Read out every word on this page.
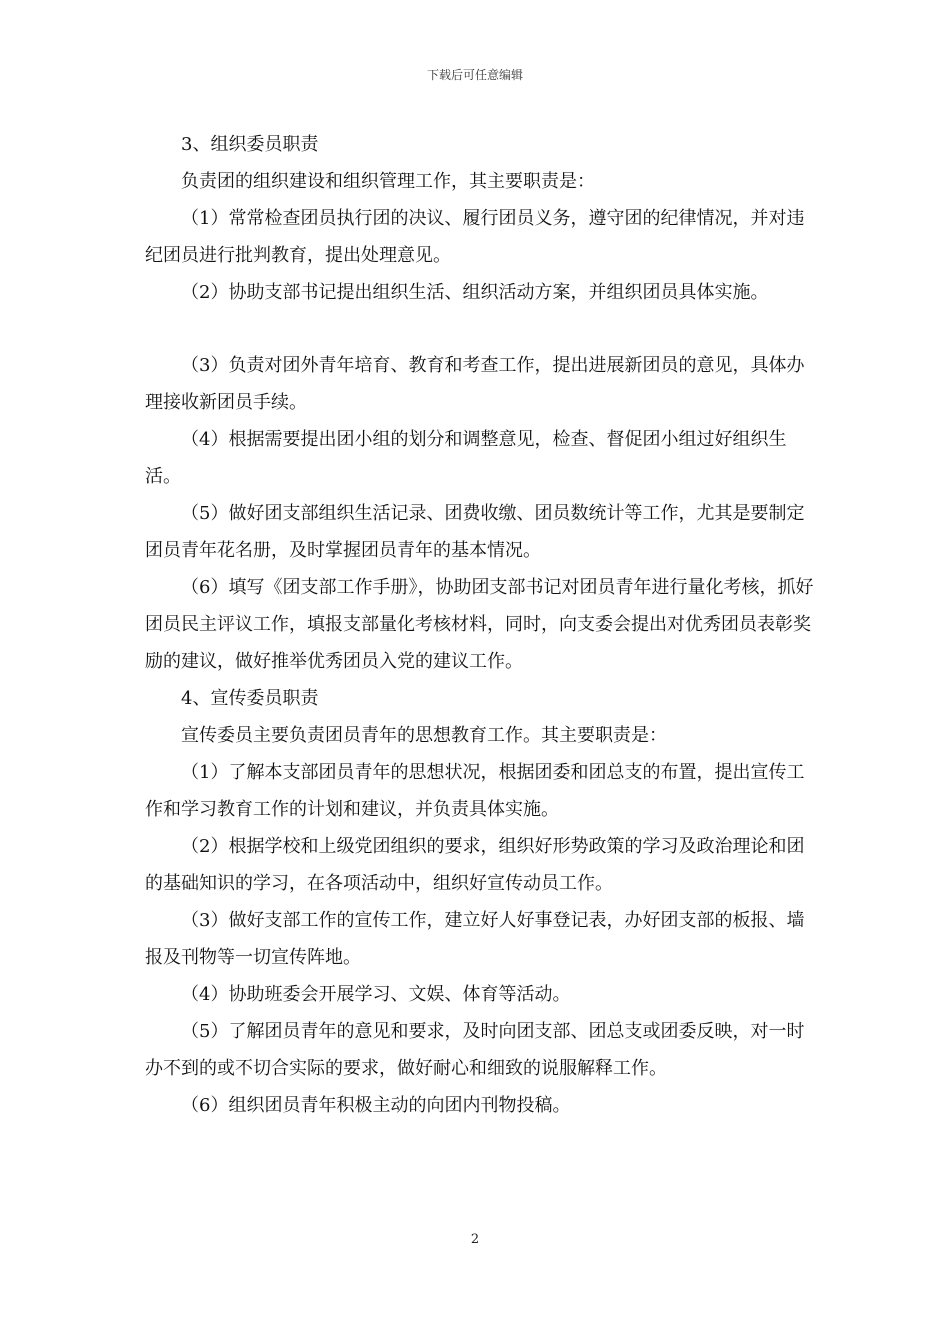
下载后可任意编辑

3、组织委员职责

负责团的组织建设和组织管理工作，其主要职责是：

（1）常常检查团员执行团的决议、履行团员义务，遵守团的纪律情况，并对违纪团员进行批判教育，提出处理意见。

（2）协助支部书记提出组织生活、组织活动方案，并组织团员具体实施。

（3）负责对团外青年培育、教育和考查工作，提出进展新团员的意见，具体办理接收新团员手续。

（4）根据需要提出团小组的划分和调整意见，检查、督促团小组过好组织生活。

（5）做好团支部组织生活记录、团费收缴、团员数统计等工作，尤其是要制定团员青年花名册，及时掌握团员青年的基本情况。

（6）填写《团支部工作手册》，协助团支部书记对团员青年进行量化考核，抓好团员民主评议工作，填报支部量化考核材料，同时，向支委会提出对优秀团员表彰奖励的建议，做好推举优秀团员入党的建议工作。

4、宣传委员职责

宣传委员主要负责团员青年的思想教育工作。其主要职责是：

（1）了解本支部团员青年的思想状况，根据团委和团总支的布置，提出宣传工作和学习教育工作的计划和建议，并负责具体实施。

（2）根据学校和上级党团组织的要求，组织好形势政策的学习及政治理论和团的基础知识的学习，在各项活动中，组织好宣传动员工作。

（3）做好支部工作的宣传工作，建立好人好事登记表，办好团支部的板报、墙报及刊物等一切宣传阵地。

（4）协助班委会开展学习、文娱、体育等活动。

（5）了解团员青年的意见和要求，及时向团支部、团总支或团委反映，对一时办不到的或不切合实际的要求，做好耐心和细致的说服解释工作。

（6）组织团员青年积极主动的向团内刊物投稿。

2
